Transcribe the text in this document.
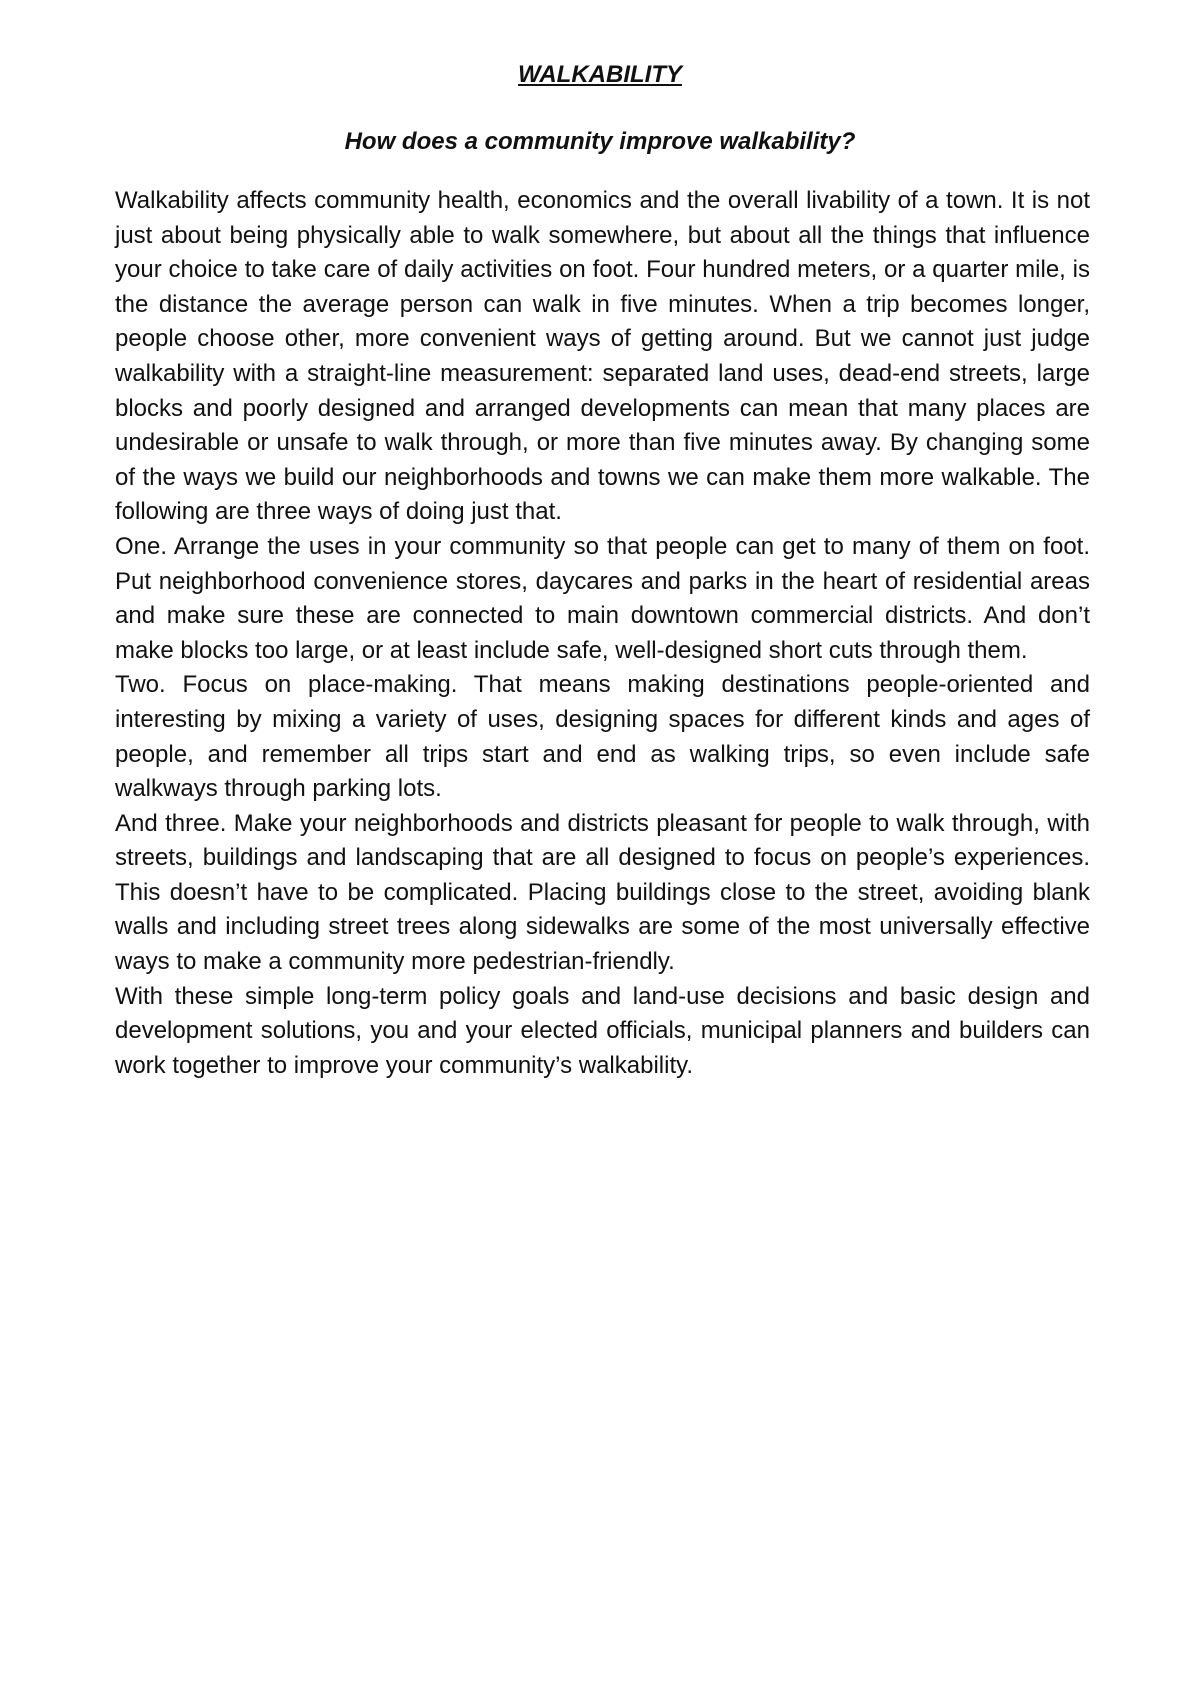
WALKABILITY
How does a community improve walkability?

Walkability affects community health, economics and the overall livability of a town. It is not just about being physically able to walk somewhere, but about all the things that influence your choice to take care of daily activities on foot. Four hundred meters, or a quarter mile, is the distance the average person can walk in five minutes. When a trip becomes longer, people choose other, more convenient ways of getting around. But we cannot just judge walkability with a straight-line measurement: separated land uses, dead-end streets, large blocks and poorly designed and arranged developments can mean that many places are undesirable or unsafe to walk through, or more than five minutes away. By changing some of the ways we build our neighborhoods and towns we can make them more walkable. The following are three ways of doing just that.

One. Arrange the uses in your community so that people can get to many of them on foot. Put neighborhood convenience stores, daycares and parks in the heart of residential areas and make sure these are connected to main downtown commercial districts. And don’t make blocks too large, or at least include safe, well-designed short cuts through them.

Two. Focus on place-making. That means making destinations people-oriented and interesting by mixing a variety of uses, designing spaces for different kinds and ages of people, and remember all trips start and end as walking trips, so even include safe walkways through parking lots.

And three. Make your neighborhoods and districts pleasant for people to walk through, with streets, buildings and landscaping that are all designed to focus on people’s experiences. This doesn’t have to be complicated. Placing buildings close to the street, avoiding blank walls and including street trees along sidewalks are some of the most universally effective ways to make a community more pedestrian-friendly.

With these simple long-term policy goals and land-use decisions and basic design and development solutions, you and your elected officials, municipal planners and builders can work together to improve your community’s walkability.
